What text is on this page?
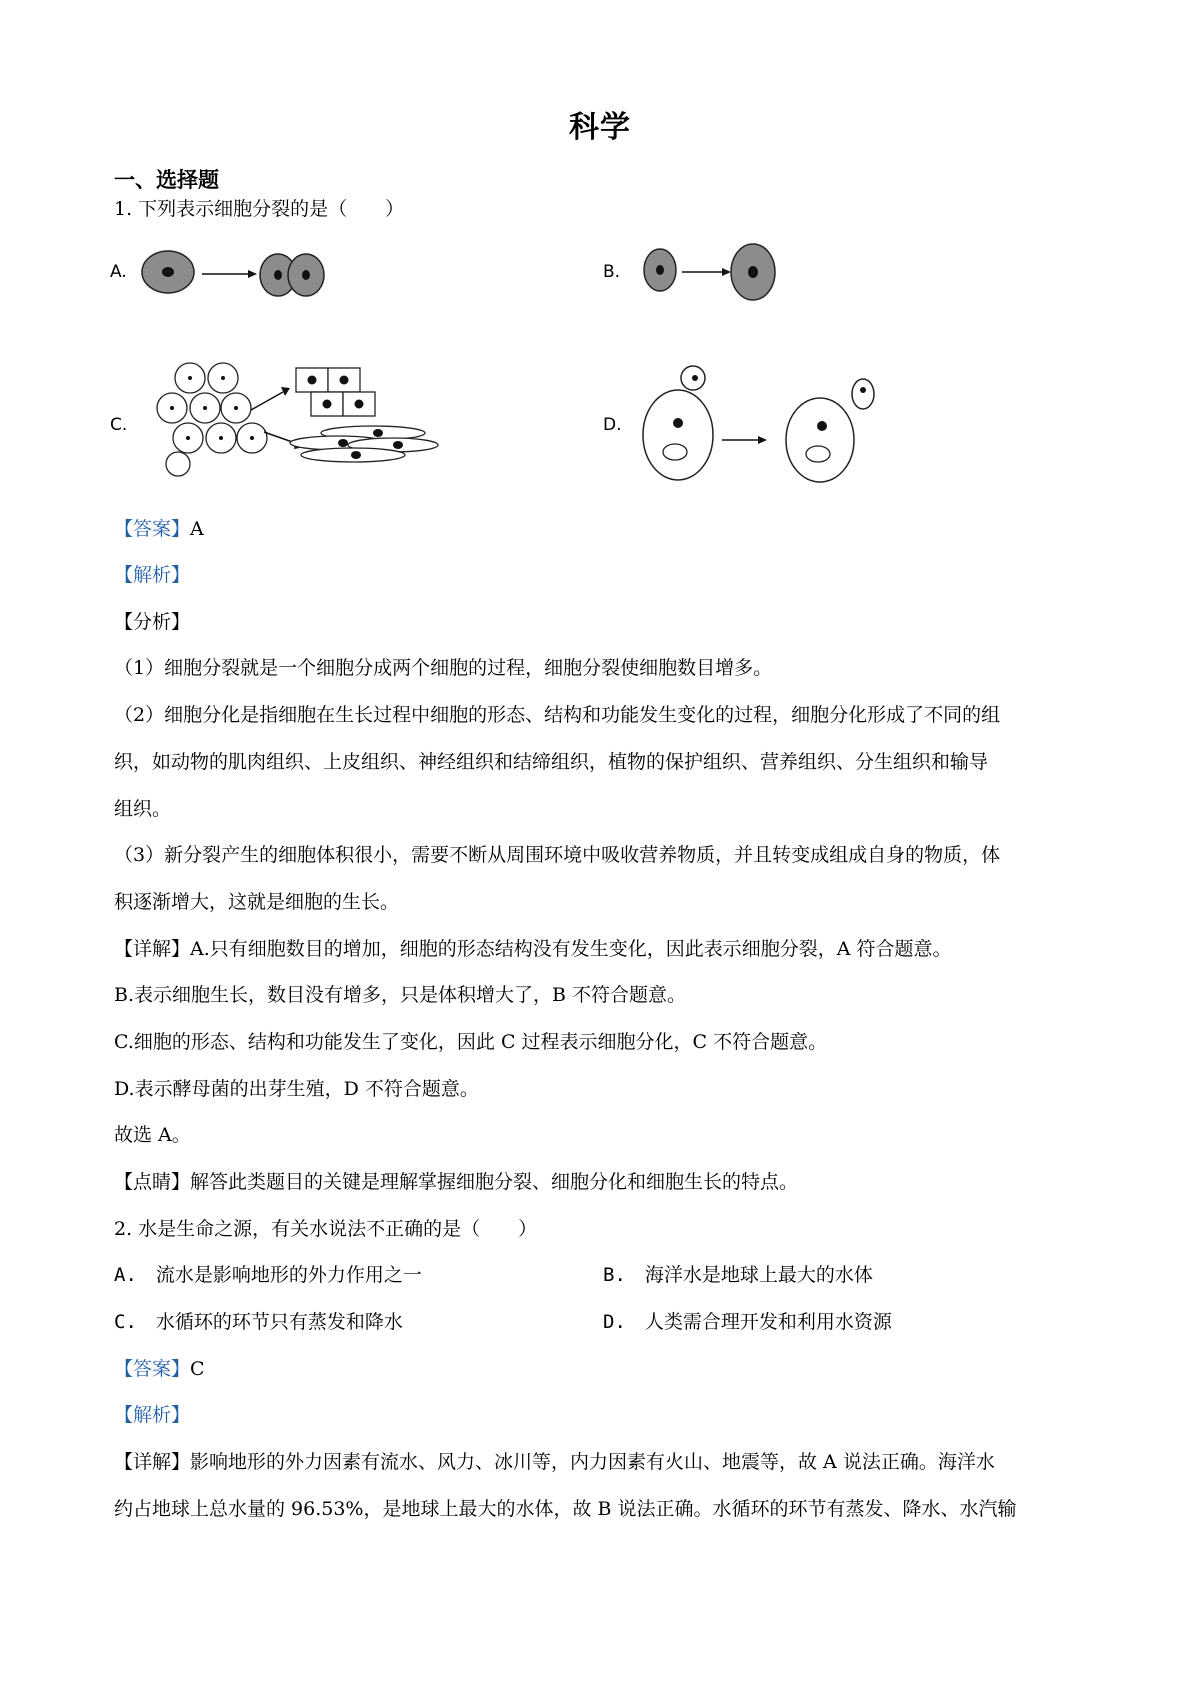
科学
一、选择题
1. 下列表示细胞分裂的是（　　）
A.	B.
C.	D.
【答案】A
【解析】
【分析】
（1）细胞分裂就是一个细胞分成两个细胞的过程，细胞分裂使细胞数目增多。
（2）细胞分化是指细胞在生长过程中细胞的形态、结构和功能发生变化的过程，细胞分化形成了不同的组
织，如动物的肌肉组织、上皮组织、神经组织和结缔组织，植物的保护组织、营养组织、分生组织和输导
组织。
（3）新分裂产生的细胞体积很小，需要不断从周围环境中吸收营养物质，并且转变成组成自身的物质，体
积逐渐增大，这就是细胞的生长。
【详解】A.只有细胞数目的增加，细胞的形态结构没有发生变化，因此表示细胞分裂，A 符合题意。
B.表示细胞生长，数目没有增多，只是体积增大了，B 不符合题意。
C.细胞的形态、结构和功能发生了变化，因此 C 过程表示细胞分化，C 不符合题意。
D.表示酵母菌的出芽生殖，D 不符合题意。
故选 A。
【点睛】解答此类题目的关键是理解掌握细胞分裂、细胞分化和细胞生长的特点。
2. 水是生命之源，有关水说法不正确的是（　　）
A.　流水是影响地形的外力作用之一	B.　海洋水是地球上最大的水体
C.　水循环的环节只有蒸发和降水	D.　人类需合理开发和利用水资源
【答案】C
【解析】
【详解】影响地形的外力因素有流水、风力、冰川等，内力因素有火山、地震等，故 A 说法正确。海洋水
约占地球上总水量的 96.53%，是地球上最大的水体，故 B 说法正确。水循环的环节有蒸发、降水、水汽输
